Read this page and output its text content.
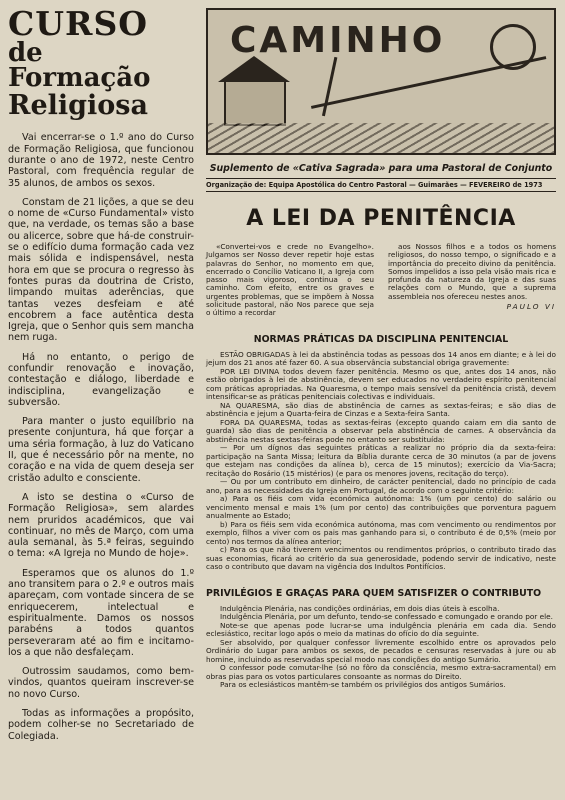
CURSO
de Formação
Religiosa

Vai encerrar-se o 1.º ano do Curso de Formação Religiosa, que funcionou durante o ano de 1972, neste Centro Pastoral, com frequência regular de 35 alunos, de ambos os sexos.

Constam de 21 lições, a que se deu o nome de «Curso Fundamental» visto que, na verdade, os temas são a base ou alicerce, sobre que há-de construir-se o edifício duma formação cada vez mais sólida e indispensável, nesta hora em que se procura o regresso às fontes puras da doutrina de Cristo, limpando muitas aderências, que tantas vezes desfeiam e até encobrem a face autêntica desta Igreja, que o Senhor quis sem mancha nem ruga.

Há no entanto, o perigo de confundir renovação e inovação, contestação e diálogo, liberdade e indisciplina, evangelização e subversão.

Para manter o justo equilíbrio na presente conjuntura, há que forçar a uma séria formação, à luz do Vaticano II, que é necessário pôr na mente, no coração e na vida de quem deseja ser cristão adulto e consciente.

A isto se destina o «Curso de Formação Religiosa», sem alardes nem pruridos académicos, que vai continuar, no mês de Março, com uma aula semanal, às 5.ª feiras, seguindo o tema: «A Igreja no Mundo de hoje».

Esperamos que os alunos do 1.º ano transitem para o 2.º e outros mais apareçam, com vontade sincera de se enriquecerem, intelectual e espiritualmente. Damos os nossos parabéns a todos quantos perseveraram até ao fim e incitamo-los a que não desfaleçam.

Outrossim saudamos, como bem-vindos, quantos queiram inscrever-se no novo Curso.

Todas as informações a propósito, podem colher-se no Secretariado de Colegiada.

CAMINHO
Suplemento de «Cativa Sagrada» para uma Pastoral de Conjunto
Organização de: Equipa Apostólica do Centro Pastoral — Guimarães — FEVEREIRO de 1973
A LEI DA PENITÊNCIA

«Convertei-vos e crede no Evangelho». Julgamos ser Nosso dever repetir hoje estas palavras do Senhor, no momento em que, encerrado o Concílio Vaticano II, a Igreja com passo mais vigoroso, continua o seu caminho. Com efeito, entre os graves e urgentes problemas, que se impõem à Nossa solicitude pastoral, não Nos parece que seja o último a recordar

aos Nossos filhos e a todos os homens religiosos, do nosso tempo, o significado e a importância do preceito divino da penitência. Somos impelidos a isso pela visão mais rica e profunda da natureza da Igreja e das suas relações com o Mundo, que a suprema assembleia nos ofereceu nestes anos.

PAULO VI
NORMAS PRÁTICAS DA DISCIPLINA PENITENCIAL

ESTÃO OBRIGADAS à lei da abstinência todas as pessoas dos 14 anos em diante; e à lei do jejum dos 21 anos até fazer 60. A sua observância substancial obriga gravemente:

POR LEI DIVINA todos devem fazer penitência. Mesmo os que, antes dos 14 anos, não estão obrigados à lei de abstinência, devem ser educados no verdadeiro espírito penitencial com práticas apropriadas. Na Quaresma, o tempo mais sensível da penitência cristã, devem intensificar-se as práticas penitenciais colectivas e individuais.

NA QUARESMA, são dias de abstinência de carnes as sextas-feiras; e são dias de abstinência e jejum a Quarta-feira de Cinzas e a Sexta-feira Santa.

FORA DA QUARESMA, todas as sextas-feiras (excepto quando caiam em dia santo de guarda) são dias de penitência a observar pela abstinência de carnes. A observância da abstinência nestas sextas-feiras pode no entanto ser substituída:

— Por um dígnos das seguintes práticas a realizar no próprio dia da sexta-feira: participação na Santa Missa; leitura da Bíblia durante cerca de 30 minutos (a par de jovens que estejam nas condições da alínea b), cerca de 15 minutos); exercício da Via-Sacra; recitação do Rosário (15 mistérios) (e para os menores jovens, recitação do terço).

— Ou por um contributo em dinheiro, de carácter penitencial, dado no princípio de cada ano, para as necessidades da Igreja em Portugal, de acordo com o seguinte critério:

a) Para os fiéis com vida económica autónoma: 1% (um por cento) do salário ou vencimento mensal e mais 1% (um por cento) das contribuições que porventura paguem anualmente ao Estado;

b) Para os fiéis sem vida económica autónoma, mas com vencimento ou rendimentos por exemplo, filhos a viver com os pais mas ganhando para si, o contributo é de 0,5% (meio por cento) nos termos da alínea anterior;

c) Para os que não tiverem vencimentos ou rendimentos próprios, o contributo tirado das suas economias, ficará ao critério da sua generosidade, podendo servir de indicativo, neste caso o contributo que davam na vigência dos Indultos Pontifícios.

PRIVILÉGIOS E GRAÇAS PARA QUEM SATISFIZER O CONTRIBUTO

Indulgência Plenária, nas condições ordinárias, em dois dias úteis à escolha.

Indulgência Plenária, por um defunto, tendo-se confessado e comungado e orando por ele.

Note-se que apenas pode lucrar-se uma indulgência plenária em cada dia. Sendo eclesiástico, recitar logo após o meio da matinas do ofício do dia seguinte.

Ser absolvido, por qualquer confessor livremente escolhido entre os aprovados pelo Ordinário do Lugar para ambos os sexos, de pecados e censuras reservadas à jure ou ab homine, incluindo as reservadas special modo nas condições do antigo Sumário.

O confessor pode comutar-lhe (só no fôro da consciência, mesmo extra-sacramental) em obras pias para os votos particulares consoante as normas do Direito.

Para os eclesiásticos mantêm-se também os privilégios dos antigos Sumários.
